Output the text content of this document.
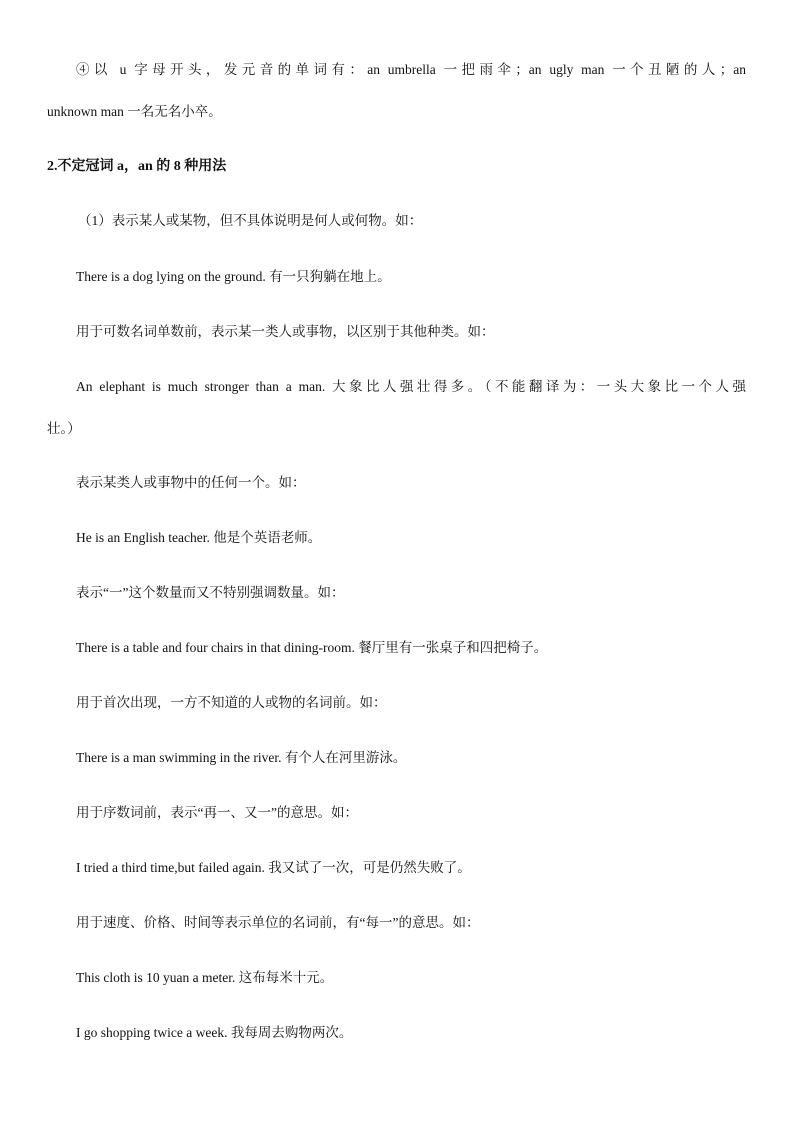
④以 u 字母开头，发元音的单词有：an umbrella 一把雨伞；an ugly man 一个丑陋的人；an
unknown man 一名无名小卒。
2.不定冠词 a，an 的 8 种用法
（1）表示某人或某物，但不具体说明是何人或何物。如：
There is a dog lying on the ground. 有一只狗躺在地上。
用于可数名词单数前，表示某一类人或事物，以区别于其他种类。如：
An elephant is much stronger than a man. 大象比人强壮得多。（不能翻译为：一头大象比一个人强
壮。）
表示某类人或事物中的任何一个。如：
He is an English teacher. 他是个英语老师。
表示“一”这个数量而又不特别强调数量。如：
There is a table and four chairs in that dining-room. 餐厅里有一张桌子和四把椅子。
用于首次出现，一方不知道的人或物的名词前。如：
There is a man swimming in the river. 有个人在河里游泳。
用于序数词前，表示“再一、又一”的意思。如：
I tried a third time,but failed again. 我又试了一次，可是仍然失败了。
用于速度、价格、时间等表示单位的名词前，有“每一”的意思。如：
This cloth is 10 yuan a meter. 这布每米十元。
I go shopping twice a week. 我每周去购物两次。
